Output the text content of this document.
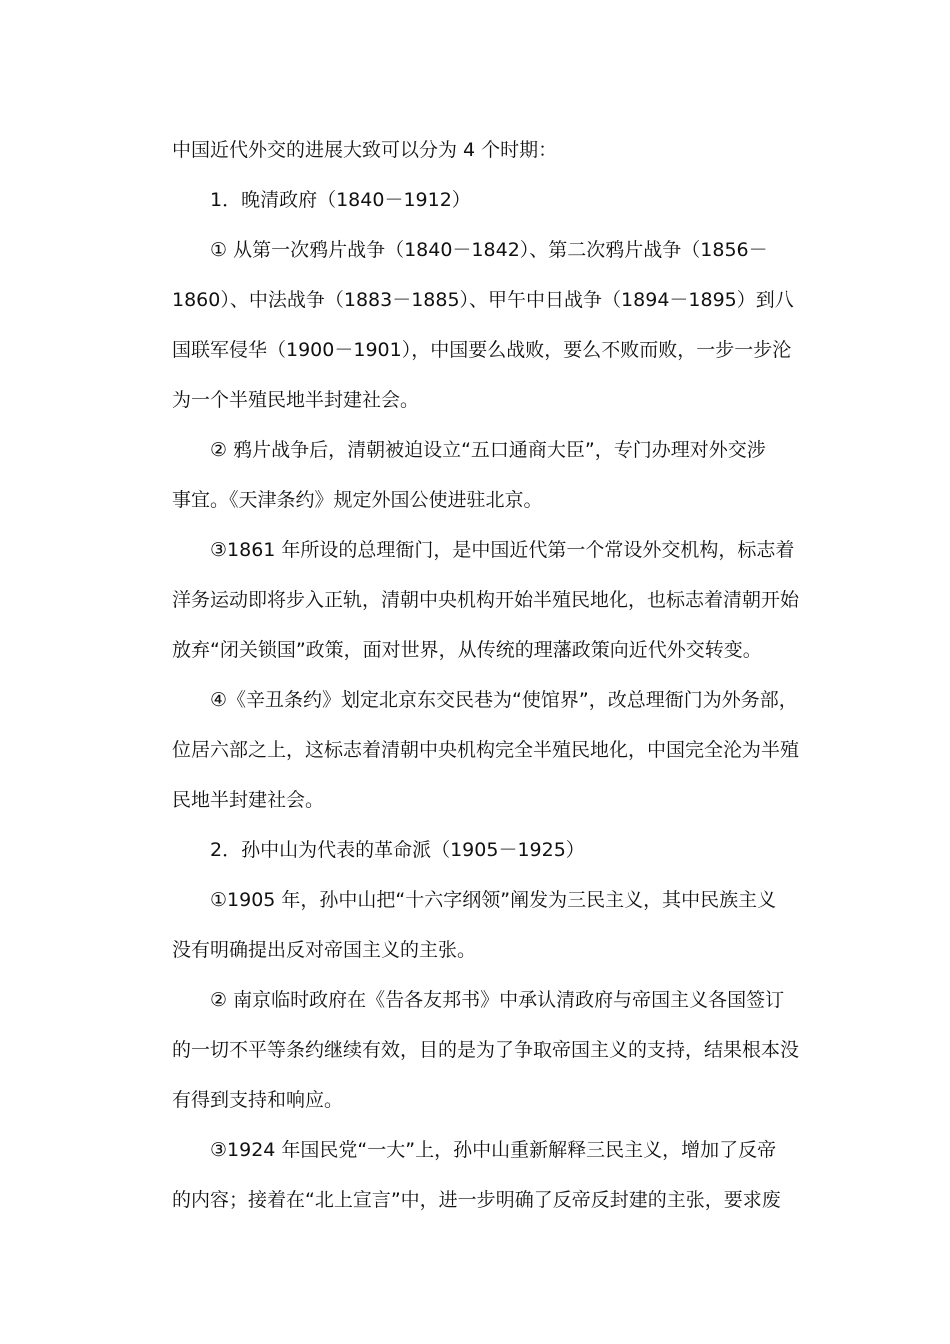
中国近代外交的进展大致可以分为 4 个时期：
1．晚清政府（1840－1912）
① 从第一次鸦片战争（1840－1842）、第二次鸦片战争（1856－
1860）、中法战争（1883－1885）、甲午中日战争（1894－1895）到八
国联军侵华（1900－1901），中国要么战败，要么不败而败，一步一步沦
为一个半殖民地半封建社会。
② 鸦片战争后，清朝被迫设立“五口通商大臣”，专门办理对外交涉
事宜。《天津条约》规定外国公使进驻北京。
③1861 年所设的总理衙门，是中国近代第一个常设外交机构，标志着
洋务运动即将步入正轨，清朝中央机构开始半殖民地化，也标志着清朝开始
放弃“闭关锁国”政策，面对世界，从传统的理藩政策向近代外交转变。
④《辛丑条约》划定北京东交民巷为“使馆界”，改总理衙门为外务部，
位居六部之上，这标志着清朝中央机构完全半殖民地化，中国完全沦为半殖
民地半封建社会。
2．孙中山为代表的革命派（1905－1925）
①1905 年，孙中山把“十六字纲领”阐发为三民主义，其中民族主义
没有明确提出反对帝国主义的主张。
② 南京临时政府在《告各友邦书》中承认清政府与帝国主义各国签订
的一切不平等条约继续有效，目的是为了争取帝国主义的支持，结果根本没
有得到支持和响应。
③1924 年国民党“一大”上，孙中山重新解释三民主义，增加了反帝
的内容；接着在“北上宣言”中，进一步明确了反帝反封建的主张，要求废
